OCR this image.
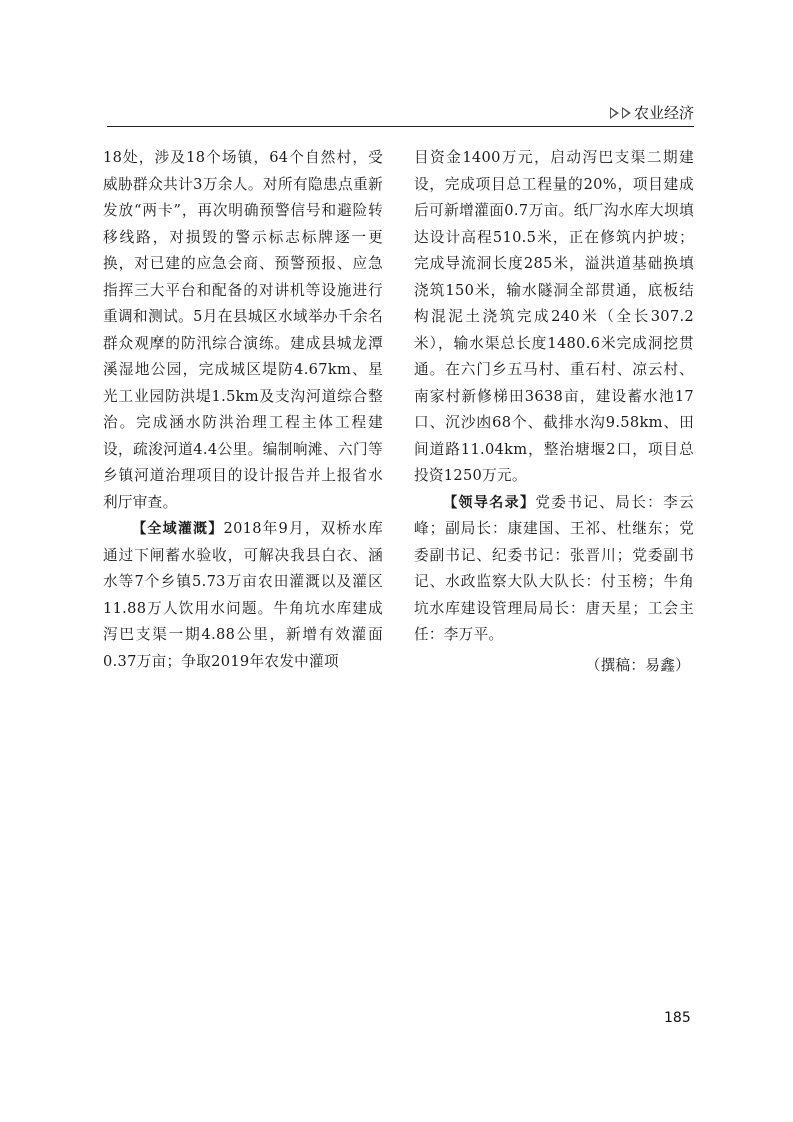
农业经济

18处，涉及18个场镇，64个自然村，受威胁群众共计3万余人。对所有隐患点重新发放“两卡”，再次明确预警信号和避险转移线路，对损毁的警示标志标牌逐一更换，对已建的应急会商、预警预报、应急指挥三大平台和配备的对讲机等设施进行重调和测试。5月在县城区水域举办千余名群众观摩的防汛综合演练。建成县城龙潭溪湿地公园，完成城区堤防4.67km、星光工业园防洪堤1.5km及支沟河道综合整治。完成涵水防洪治理工程主体工程建设，疏浚河道4.4公里。编制响滩、六门等乡镇河道治理项目的设计报告并上报省水利厅审查。

【全域灌溉】2018年9月，双桥水库通过下闸蓄水验收，可解决我县白衣、涵水等7个乡镇5.73万亩农田灌溉以及灌区11.88万人饮用水问题。牛角坑水库建成泻巴支渠一期4.88公里，新增有效灌面0.37万亩；争取2019年农发中灌项

目资金1400万元，启动泻巴支渠二期建设，完成项目总工程量的20%，项目建成后可新增灌面0.7万亩。纸厂沟水库大坝填达设计高程510.5米，正在修筑内护坡；完成导流洞长度285米，溢洪道基础换填浇筑150米，输水隧洞全部贯通，底板结构混泥土浇筑完成240米（全长307.2米），输水渠总长度1480.6米完成洞挖贯通。在六门乡五马村、重石村、凉云村、南家村新修梯田3638亩，建设蓄水池17口、沉沙凼68个、截排水沟9.58km、田间道路11.04km，整治塘堰2口，项目总投资1250万元。

【领导名录】党委书记、局长：李云峰；副局长：康建国、王祁、杜继东；党委副书记、纪委书记：张晋川；党委副书记、水政监察大队大队长：付玉榜；牛角坑水库建设管理局局长：唐天星；工会主任：李万平。

（撰稿：易鑫）

185
